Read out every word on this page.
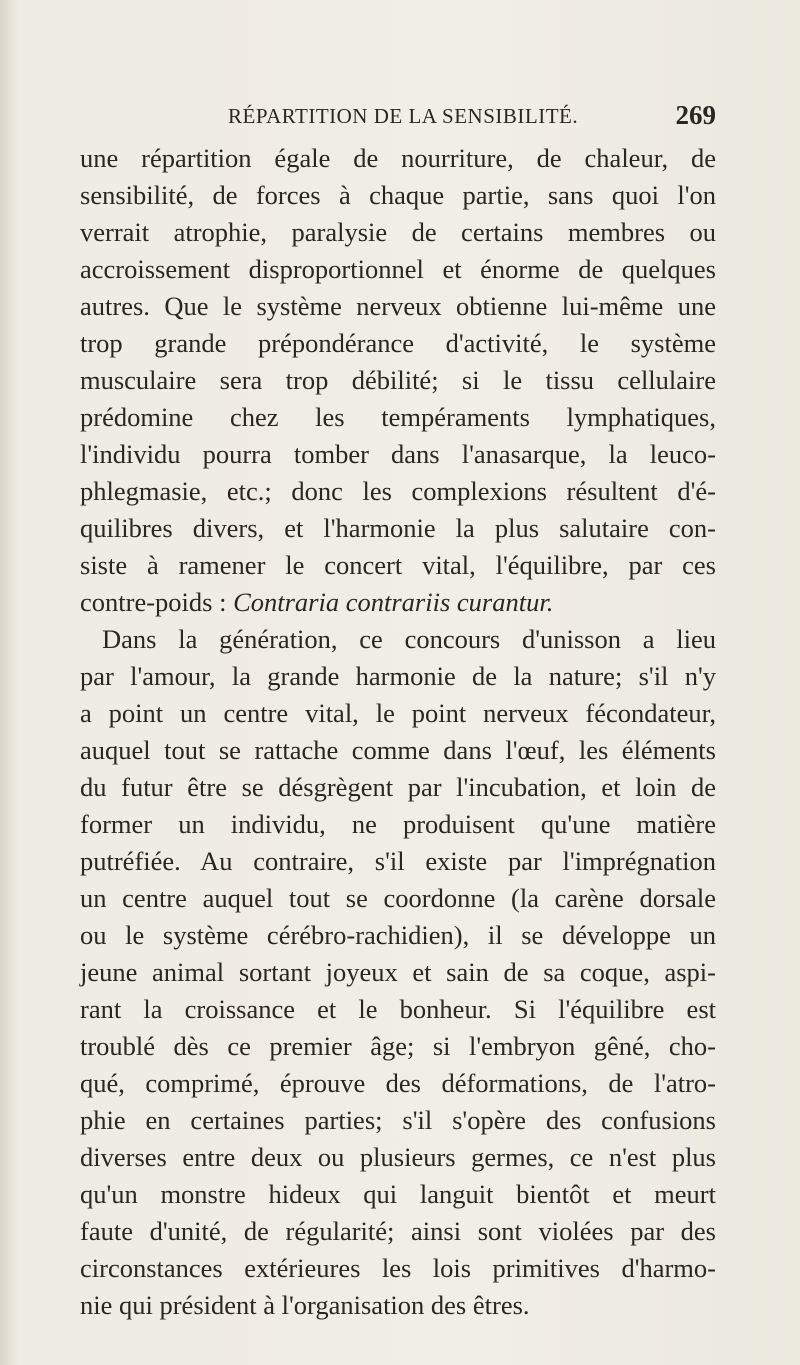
RÉPARTITION DE LA SENSIBILITÉ.	269
une répartition égale de nourriture, de chaleur, de
sensibilité, de forces à chaque partie, sans quoi l'on
verrait atrophie, paralysie de certains membres ou
accroissement disproportionnel et énorme de quelques
autres. Que le système nerveux obtienne lui-même une
trop grande prépondérance d'activité, le système
musculaire sera trop débilité; si le tissu cellulaire
prédomine chez les tempéraments lymphatiques,
l'individu pourra tomber dans l'anasarque, la leuco-
phlegmasie, etc.; donc les complexions résultent d'é-
quilibres divers, et l'harmonie la plus salutaire con-
siste à ramener le concert vital, l'équilibre, par ces
contre-poids : Contraria contrariis curantur.
Dans la génération, ce concours d'unisson a lieu
par l'amour, la grande harmonie de la nature; s'il n'y
a point un centre vital, le point nerveux fécondateur,
auquel tout se rattache comme dans l'œuf, les éléments
du futur être se désgrègent par l'incubation, et loin de
former un individu, ne produisent qu'une matière
putréfiée. Au contraire, s'il existe par l'imprégnation
un centre auquel tout se coordonne (la carène dorsale
ou le système cérébro-rachidien), il se développe un
jeune animal sortant joyeux et sain de sa coque, aspi-
rant la croissance et le bonheur. Si l'équilibre est
troublé dès ce premier âge; si l'embryon gêné, cho-
qué, comprimé, éprouve des déformations, de l'atro-
phie en certaines parties; s'il s'opère des confusions
diverses entre deux ou plusieurs germes, ce n'est plus
qu'un monstre hideux qui languit bientôt et meurt
faute d'unité, de régularité; ainsi sont violées par des
circonstances extérieures les lois primitives d'harmo-
nie qui président à l'organisation des êtres.
